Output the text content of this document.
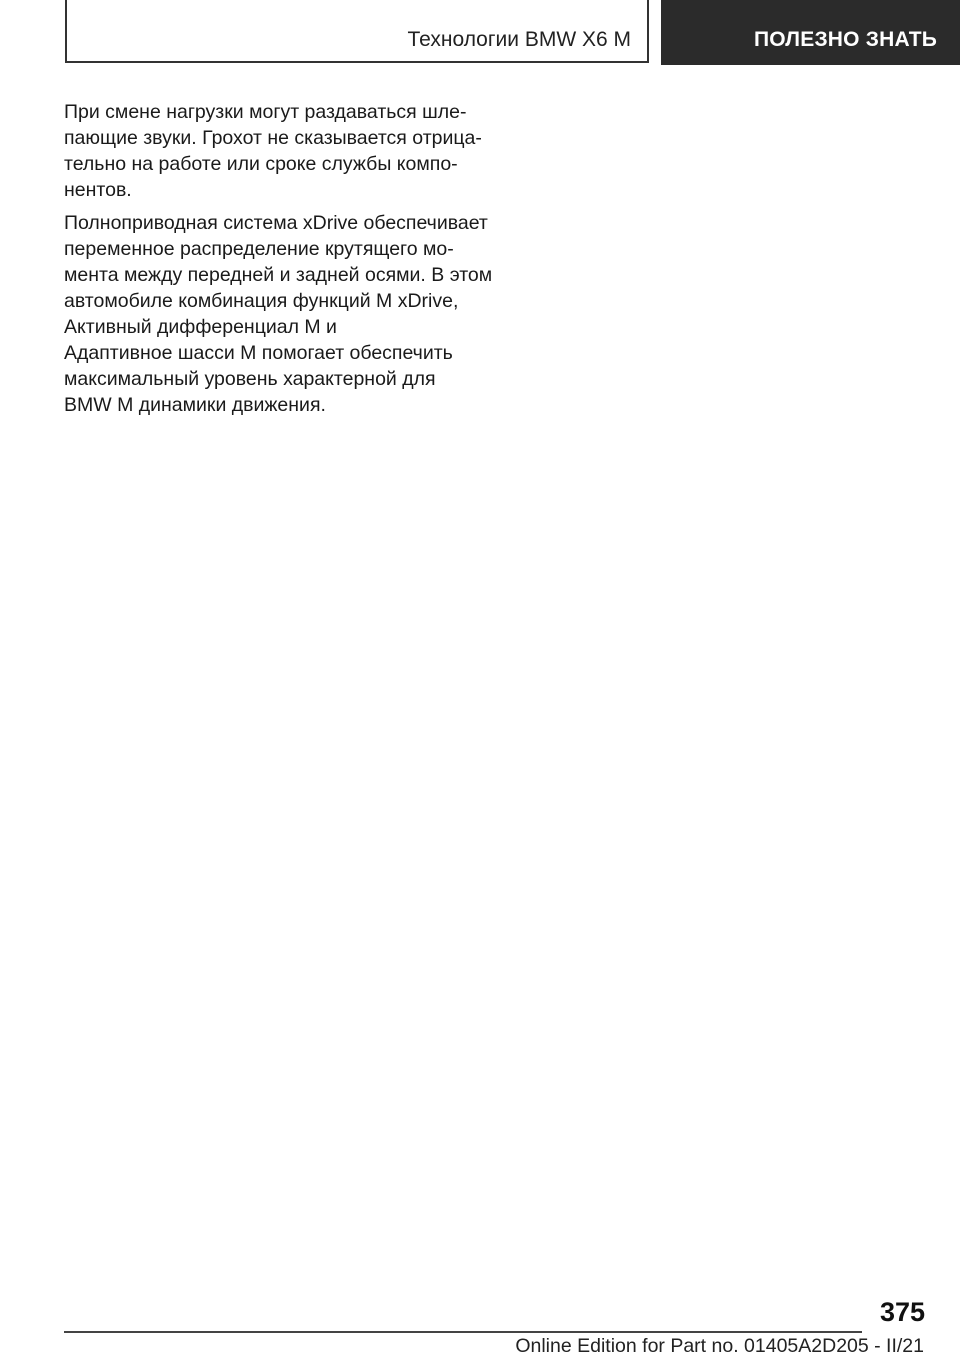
Технологии BMW X6 M	ПОЛЕЗНО ЗНАТЬ

При смене нагрузки могут раздаваться шле-
пающие звуки. Грохот не сказывается отрица-
тельно на работе или сроке службы компо-
нентов.

Полноприводная система xDrive обеспечивает
переменное распределение крутящего мо-
мента между передней и задней осями. В этом
автомобиле комбинация функций M xDrive,
Активный дифференциал M и
Адаптивное шасси M помогает обеспечить
максимальный уровень характерной для
BMW M динамики движения.

375
Online Edition for Part no. 01405A2D205 - II/21
